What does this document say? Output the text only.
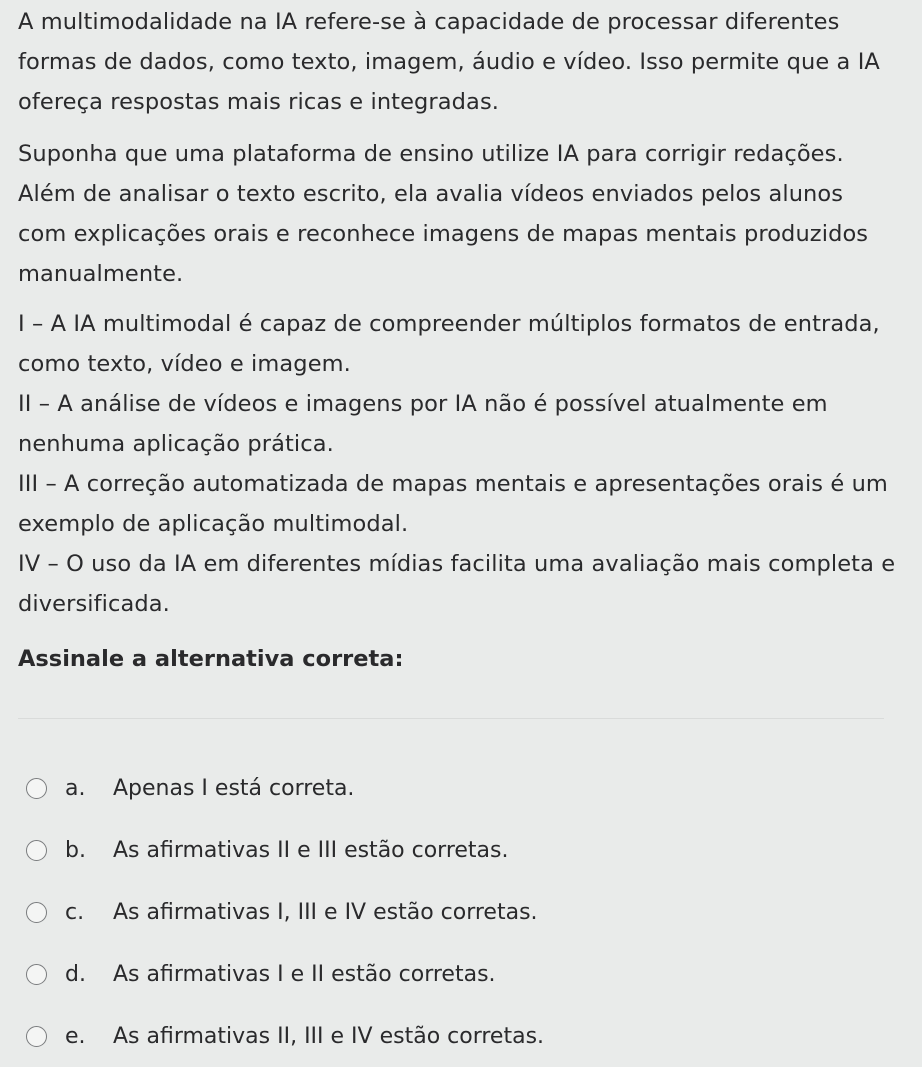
A multimodalidade na IA refere-se à capacidade de processar diferentes formas de dados, como texto, imagem, áudio e vídeo. Isso permite que a IA ofereça respostas mais ricas e integradas.

Suponha que uma plataforma de ensino utilize IA para corrigir redações. Além de analisar o texto escrito, ela avalia vídeos enviados pelos alunos com explicações orais e reconhece imagens de mapas mentais produzidos manualmente.

I – A IA multimodal é capaz de compreender múltiplos formatos de entrada, como texto, vídeo e imagem.

II – A análise de vídeos e imagens por IA não é possível atualmente em nenhuma aplicação prática.

III – A correção automatizada de mapas mentais e apresentações orais é um exemplo de aplicação multimodal.

IV – O uso da IA em diferentes mídias facilita uma avaliação mais completa e diversificada.

Assinale a alternativa correta:

a.	Apenas I está correta.
b.	As afirmativas II e III estão corretas.
c.	As afirmativas I, III e IV estão corretas.
d.	As afirmativas I e II estão corretas.
e.	As afirmativas II, III e IV estão corretas.
